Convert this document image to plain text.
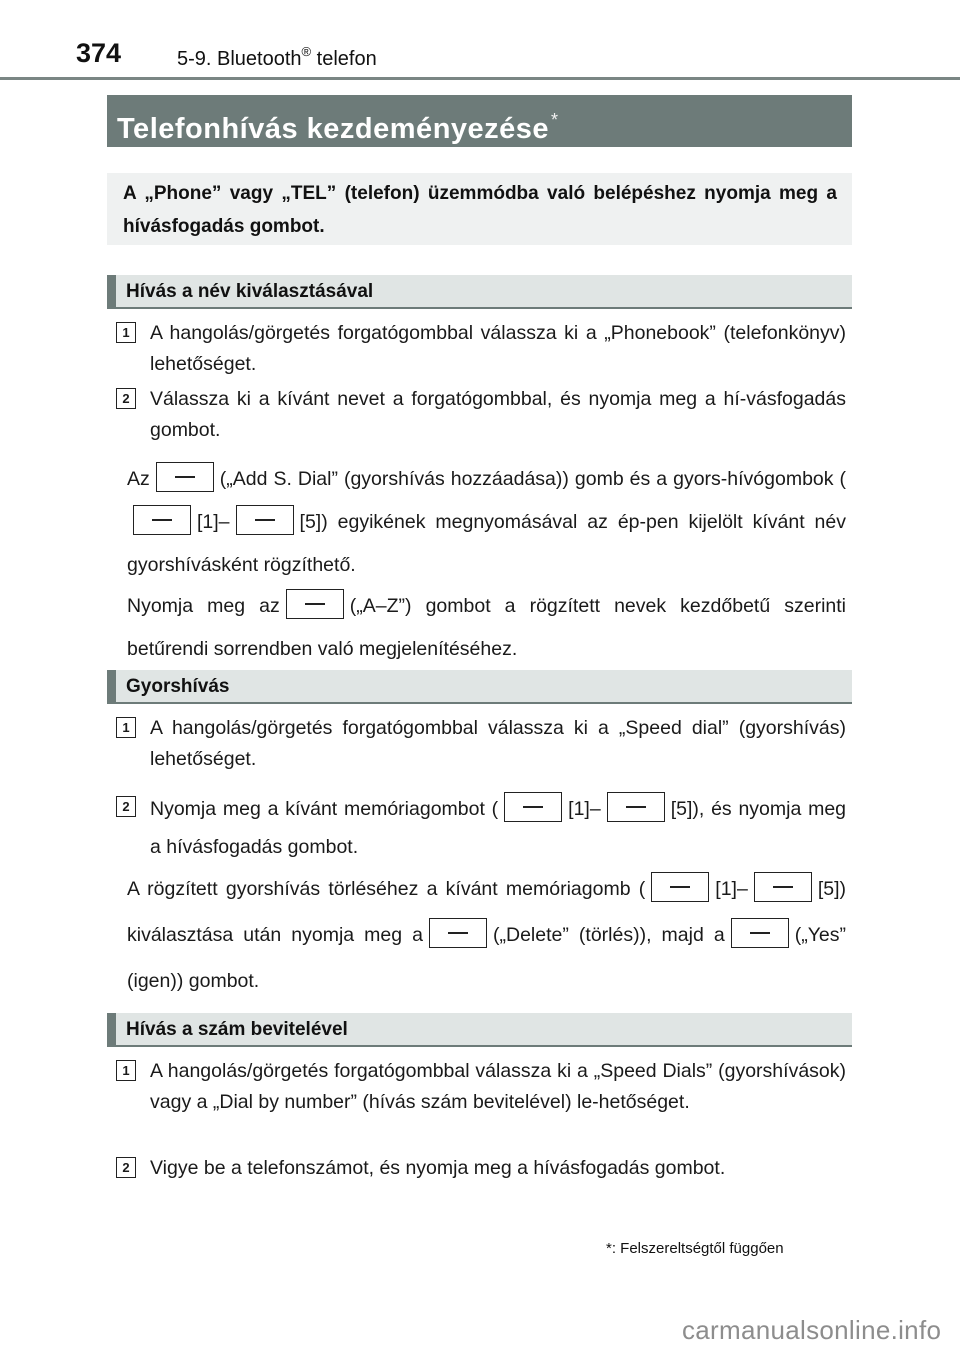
374	5-9. Bluetooth® telefon
Telefonhívás kezdeményezése *
A „Phone” vagy „TEL” (telefon) üzemmódba való belépéshez nyomja meg a hívásfogadás gombot.
Hívás a név kiválasztásával
1	A hangolás/görgetés forgatógombbal válassza ki a „Phonebook” (telefonkönyv) lehetőséget.
2	Válassza ki a kívánt nevet a forgatógombbal, és nyomja meg a hí-vásfogadás gombot.
Az	(„Add S. Dial” (gyorshívás hozzáadása)) gomb és a gyors-hívógombok ([1]–	[5]) egyikének megnyomásával az ép-pen kijelölt kívánt név gyorshívásként rögzíthető.
Nyomja meg az	(„A–Z”) gombot a rögzített nevek kezdőbetű szerinti betűrendi sorrendben való megjelenítéséhez.
Gyorshívás
1	A hangolás/görgetés forgatógombbal válassza ki a „Speed dial” (gyorshívás) lehetőséget.
2	Nyomja meg a kívánt memóriagombot (	[1]–	[5]), és nyomja meg a hívásfogadás gombot.
A rögzített gyorshívás törléséhez a kívánt memóriagomb (	[1]–	[5]) kiválasztása után nyomja meg a	(„Delete” (törlés)), majd a	(„Yes” (igen)) gombot.
Hívás a szám bevitelével
1	A hangolás/görgetés forgatógombbal válassza ki a „Speed Dials” (gyorshívások) vagy a „Dial by number” (hívás szám bevitelével) le-hetőséget.
2	Vigye be a telefonszámot, és nyomja meg a hívásfogadás gombot.
*: Felszereltségtől függően
carmanualsonline.info
